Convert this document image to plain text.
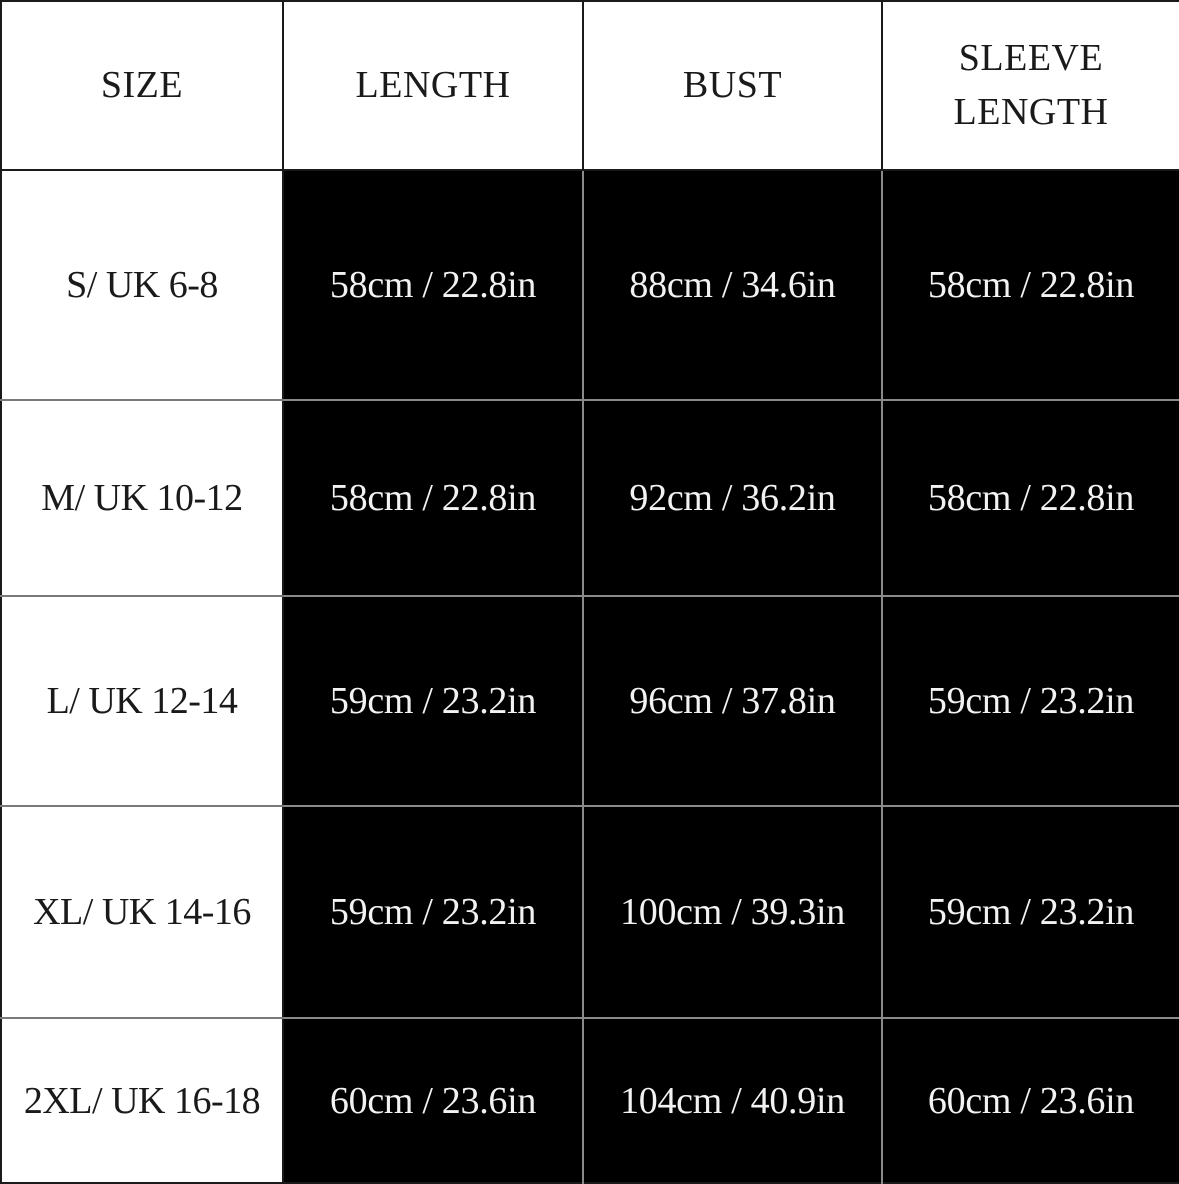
SIZE	LENGTH	BUST	SLEEVE
LENGTH

S/ UK 6-8	58cm / 22.8in	88cm / 34.6in	58cm / 22.8in
M/ UK 10-12	58cm / 22.8in	92cm / 36.2in	58cm / 22.8in
L/ UK 12-14	59cm / 23.2in	96cm / 37.8in	59cm / 23.2in
XL/ UK 14-16	59cm / 23.2in	100cm / 39.3in	59cm / 23.2in
2XL/ UK 16-18	60cm / 23.6in	104cm / 40.9in	60cm / 23.6in
